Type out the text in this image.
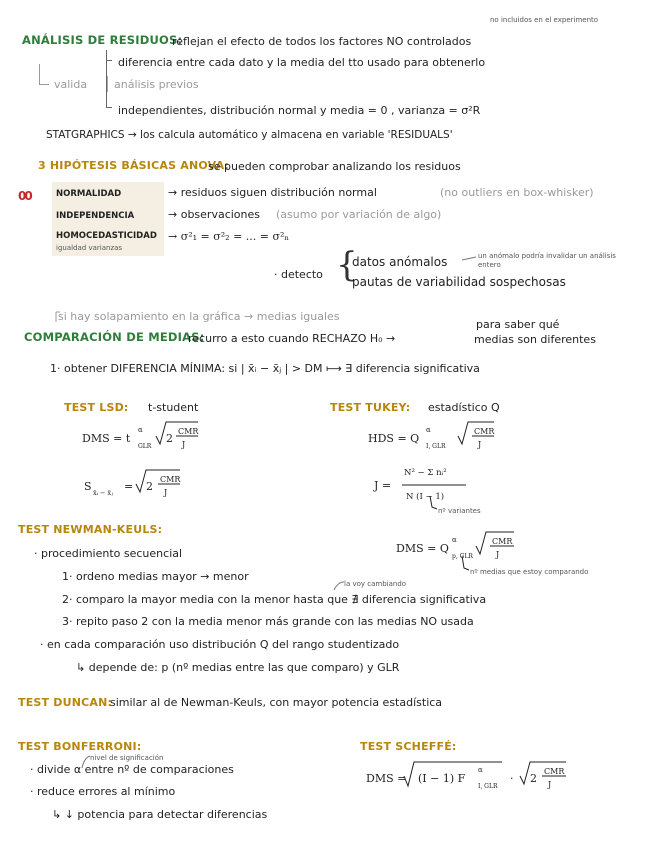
no incluidos en el experimento
ANÁLISIS DE RESIDUOS:
reflejan el efecto de todos los factores NO controlados
diferencia entre cada dato y la media del tto usado para obtenerlo
valida análisis previos
independientes, distribución normal y media = 0 , varianza = σ²R
STATGRAPHICS → los calcula automático y almacena en variable 'RESIDUALS'
3 HIPÓTESIS BÁSICAS ANOVA:
se pueden comprobar analizando los residuos
00	NORMALIDAD	→ residuos siguen distribución normal	(no outliers en box-whisker)
INDEPENDENCIA	→ observaciones (asumo por variación de algo)
HOMOCEDASTICIDAD → σ²₁ = σ²₂ = ... = σ²ₙ
igualdad varianzas
· detecto {
datos anómalos	un anómalo podría invalidar un análisis entero
pautas de variabilidad sospechosas
si hay solapamiento en la gráfica → medias iguales
COMPARACIÓN DE MEDIAS:
recurro a esto cuando RECHAZO H₀ →
para saber qué
medias son diferentes
1· obtener DIFERENCIA MÍNIMA: si | x̄ᵢ − x̄ⱼ | > DM ⟼ ∃ diferencia significativa
TEST LSD: t-student
DMS = t
α
GLR
2
CMR
J
S x̄ᵢ − x̄ⱼ = 2
CMR
J
TEST TUKEY: estadístico Q
HDS = Q
α
I, GLR
CMR
J
J =
N² − Σ nᵢ²
N (I − 1)
nº variantes
TEST NEWMAN-KEULS:
· procedimiento secuencial	DMS = Q
α
p, GLR
CMR
J
nº medias que estoy comparando
1· ordeno medias mayor → menor
la voy cambiando
2· comparo la mayor media con la menor hasta que ∄ diferencia significativa
3· repito paso 2 con la media menor más grande con las medias NO usada
· en cada comparación uso distribución Q del rango studentizado
↳ depende de: p (nº medias entre las que comparo) y GLR
TEST DUNCAN:
similar al de Newman-Keuls, con mayor potencia estadística
TEST BONFERRONI:
nivel de significación
· divide α entre nº de comparaciones
· reduce errores al mínimo
↳ ↓ potencia para detectar diferencias
TEST SCHEFFÉ:
DMS = (I − 1) F
α
I, GLR
· 2
CMR
J
